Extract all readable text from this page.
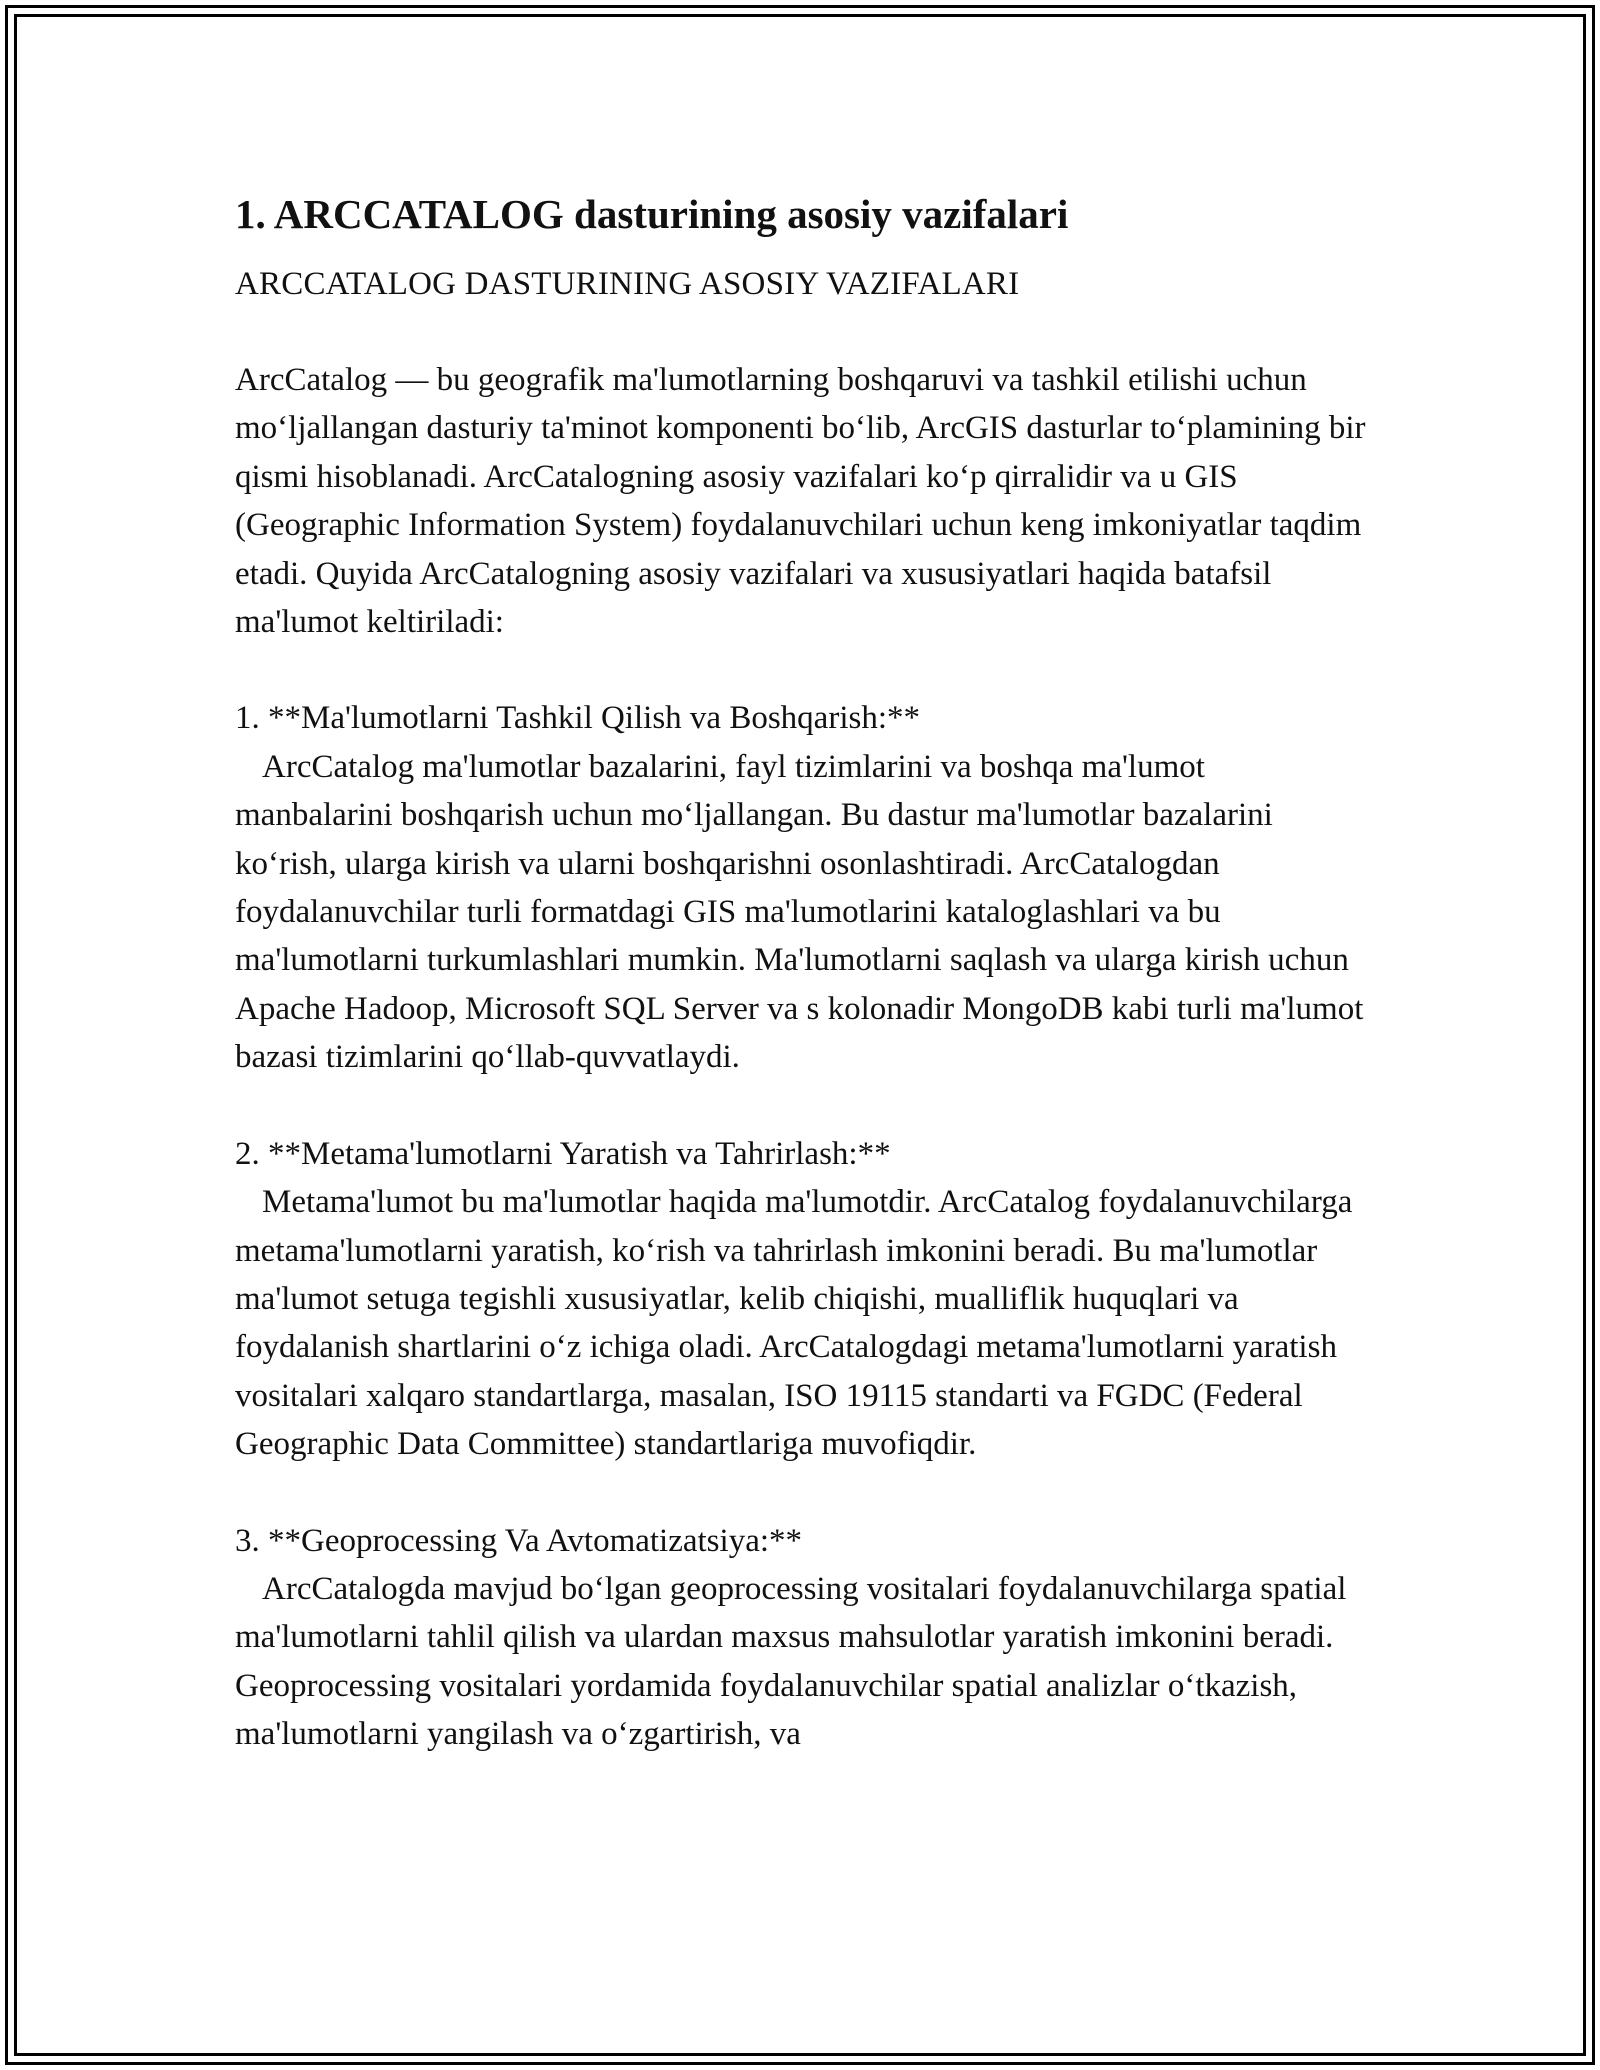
1. ARCCATALOG dasturining asosiy vazifalari
ARCCATALOG DASTURINING ASOSIY VAZIFALARI

ArcCatalog — bu geografik ma'lumotlarning boshqaruvi va tashkil etilishi uchun mo‘ljallangan dasturiy ta'minot komponenti bo‘lib, ArcGIS dasturlar to‘plamining bir qismi hisoblanadi. ArcCatalogning asosiy vazifalari ko‘p qirralidir va u GIS (Geographic Information System) foydalanuvchilari uchun keng imkoniyatlar taqdim etadi. Quyida ArcCatalogning asosiy vazifalari va xususiyatlari haqida batafsil ma'lumot keltiriladi:

1. **Ma'lumotlarni Tashkil Qilish va Boshqarish:**
ArcCatalog ma'lumotlar bazalarini, fayl tizimlarini va boshqa ma'lumot manbalarini boshqarish uchun mo‘ljallangan. Bu dastur ma'lumotlar bazalarini ko‘rish, ularga kirish va ularni boshqarishni osonlashtiradi. ArcCatalogdan foydalanuvchilar turli formatdagi GIS ma'lumotlarini kataloglashlari va bu ma'lumotlarni turkumlashlari mumkin. Ma'lumotlarni saqlash va ularga kirish uchun Apache Hadoop, Microsoft SQL Server va s kolonadir MongoDB kabi turli ma'lumot bazasi tizimlarini qo‘llab-quvvatlaydi.
2. **Metama'lumotlarni Yaratish va Tahrirlash:**
Metama'lumot bu ma'lumotlar haqida ma'lumotdir. ArcCatalog foydalanuvchilarga metama'lumotlarni yaratish, ko‘rish va tahrirlash imkonini beradi. Bu ma'lumotlar ma'lumot setuga tegishli xususiyatlar, kelib chiqishi, mualliflik huquqlari va foydalanish shartlarini o‘z ichiga oladi. ArcCatalogdagi metama'lumotlarni yaratish vositalari xalqaro standartlarga, masalan, ISO 19115 standarti va FGDC (Federal Geographic Data Committee) standartlariga muvofiqdir.
3. **Geoprocessing Va Avtomatizatsiya:**
ArcCatalogda mavjud bo‘lgan geoprocessing vositalari foydalanuvchilarga spatial ma'lumotlarni tahlil qilish va ulardan maxsus mahsulotlar yaratish imkonini beradi. Geoprocessing vositalari yordamida foydalanuvchilar spatial analizlar o‘tkazish, ma'lumotlarni yangilash va o‘zgartirish, va
